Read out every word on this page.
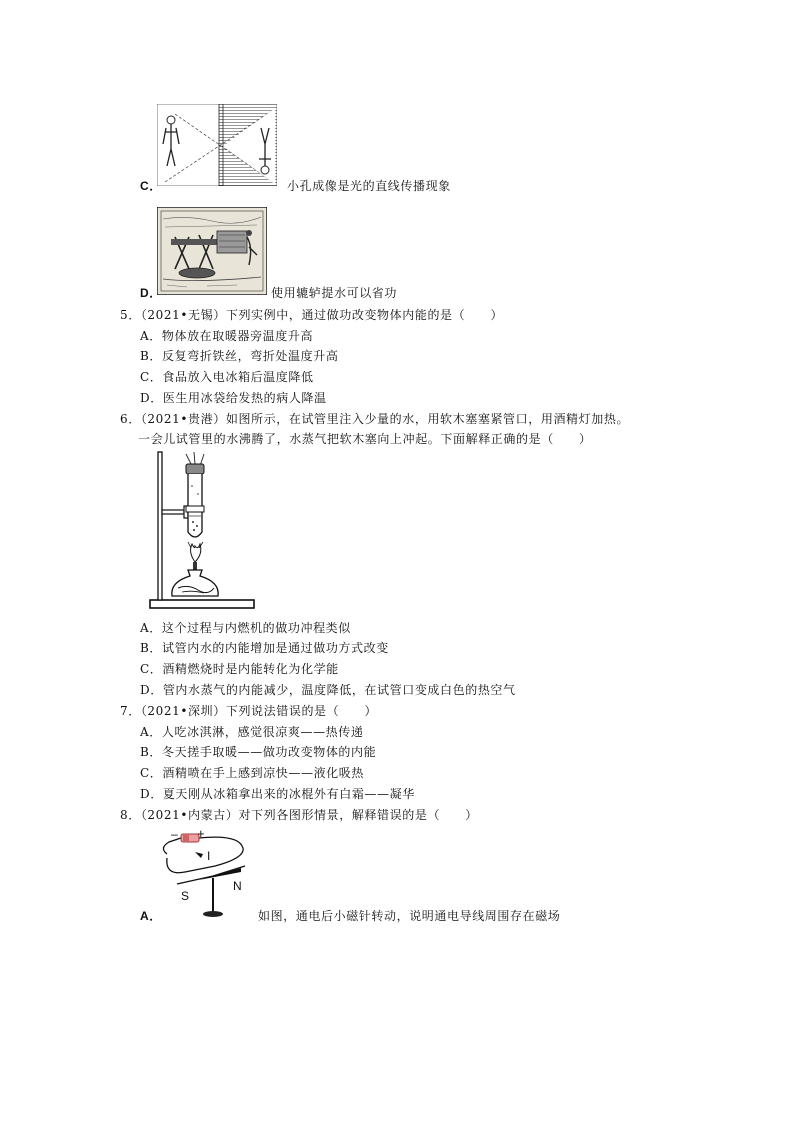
C．	小孔成像是光的直线传播现象
D．	使用辘轳提水可以省功
5．（2021•无锡）下列实例中，通过做功改变物体内能的是（　　）
A．物体放在取暖器旁温度升高
B．反复弯折铁丝，弯折处温度升高
C．食品放入电冰箱后温度降低
D．医生用冰袋给发热的病人降温
6．（2021•贵港）如图所示，在试管里注入少量的水，用软木塞塞紧管口，用酒精灯加热。
一会儿试管里的水沸腾了，水蒸气把软木塞向上冲起。下面解释正确的是（　　）
A．这个过程与内燃机的做功冲程类似
B．试管内水的内能增加是通过做功方式改变
C．酒精燃烧时是内能转化为化学能
D．管内水蒸气的内能减少，温度降低，在试管口变成白色的热空气
7．（2021•深圳）下列说法错误的是（　　）
A．人吃冰淇淋，感觉很凉爽——热传递
B．冬天搓手取暖——做功改变物体的内能
C．酒精喷在手上感到凉快——液化吸热
D．夏天刚从冰箱拿出来的冰棍外有白霜——凝华
8．（2021•内蒙古）对下列各图形情景，解释错误的是（　　）
– +
I
S
N
A．	如图，通电后小磁针转动，说明通电导线周围存在磁场
